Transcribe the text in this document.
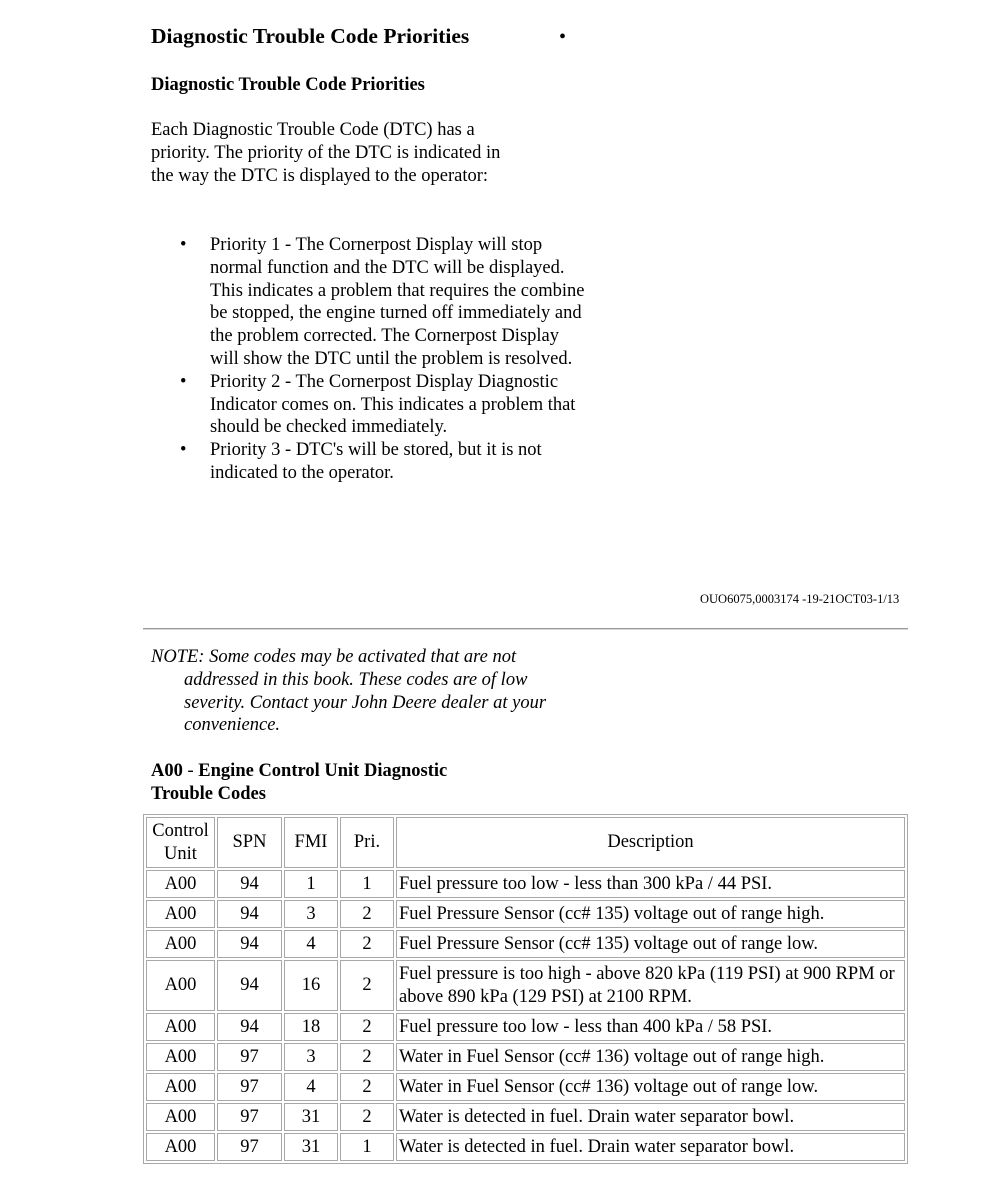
Diagnostic Trouble Code Priorities	•
Diagnostic Trouble Code Priorities
Each Diagnostic Trouble Code (DTC) has a priority. The priority of the DTC is indicated in the way the DTC is displayed to the operator:
• Priority 1 - The Cornerpost Display will stop normal function and the DTC will be displayed. This indicates a problem that requires the combine be stopped, the engine turned off immediately and the problem corrected. The Cornerpost Display will show the DTC until the problem is resolved.
• Priority 2 - The Cornerpost Display Diagnostic Indicator comes on. This indicates a problem that should be checked immediately.
• Priority 3 - DTC's will be stored, but it is not indicated to the operator.
OUO6075,0003174 -19-21OCT03-1/13
NOTE: Some codes may be activated that are not addressed in this book. These codes are of low severity. Contact your John Deere dealer at your convenience.
A00 - Engine Control Unit Diagnostic Trouble Codes
Control Unit	SPN	FMI	Pri.	Description
A00	94	1	1	Fuel pressure too low - less than 300 kPa / 44 PSI.
A00	94	3	2	Fuel Pressure Sensor (cc# 135) voltage out of range high.
A00	94	4	2	Fuel Pressure Sensor (cc# 135) voltage out of range low.
A00	94	16	2	Fuel pressure is too high - above 820 kPa (119 PSI) at 900 RPM or above 890 kPa (129 PSI) at 2100 RPM.
A00	94	18	2	Fuel pressure too low - less than 400 kPa / 58 PSI.
A00	97	3	2	Water in Fuel Sensor (cc# 136) voltage out of range high.
A00	97	4	2	Water in Fuel Sensor (cc# 136) voltage out of range low.
A00	97	31	2	Water is detected in fuel. Drain water separator bowl.
A00	97	31	1	Water is detected in fuel. Drain water separator bowl.
